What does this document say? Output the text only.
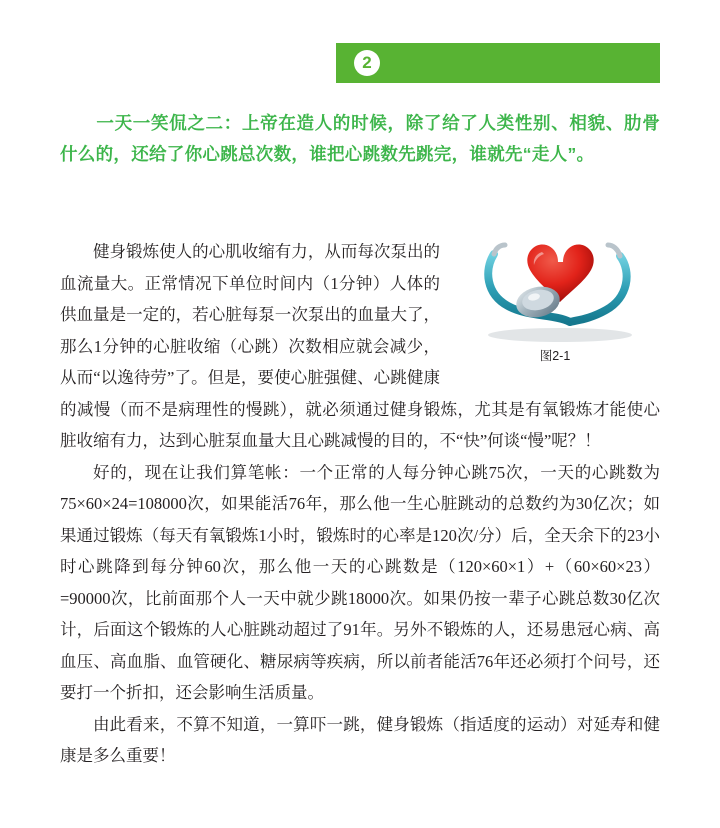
2
一天一笑侃之二：上帝在造人的时候，除了给了人类性别、相貌、肋骨什么的，还给了你心跳总次数，谁把心跳数先跳完，谁就先“走人”。

图2-1
健身锻炼使人的心肌收缩有力，从而每次泵出的血流量大。正常情况下单位时间内（1分钟）人体的供血量是一定的，若心脏每泵一次泵出的血量大了，那么1分钟的心脏收缩（心跳）次数相应就会减少，从而“以逸待劳”了。但是，要使心脏强健、心跳健康的减慢（而不是病理性的慢跳），就必须通过健身锻炼，尤其是有氧锻炼才能使心脏收缩有力，达到心脏泵血量大且心跳减慢的目的，不“快”何谈“慢”呢？！

好的，现在让我们算笔帐：一个正常的人每分钟心跳75次，一天的心跳数为75×60×24=108000次，如果能活76年，那么他一生心脏跳动的总数约为30亿次；如果通过锻炼（每天有氧锻炼1小时，锻炼时的心率是120次/分）后，全天余下的23小时心跳降到每分钟60次，那么他一天的心跳数是（120×60×1）+（60×60×23）=90000次，比前面那个人一天中就少跳18000次。如果仍按一辈子心跳总数30亿次计，后面这个锻炼的人心脏跳动超过了91年。另外不锻炼的人，还易患冠心病、高血压、高血脂、血管硬化、糖尿病等疾病，所以前者能活76年还必须打个问号，还要打一个折扣，还会影响生活质量。

由此看来，不算不知道，一算吓一跳，健身锻炼（指适度的运动）对延寿和健康是多么重要！
